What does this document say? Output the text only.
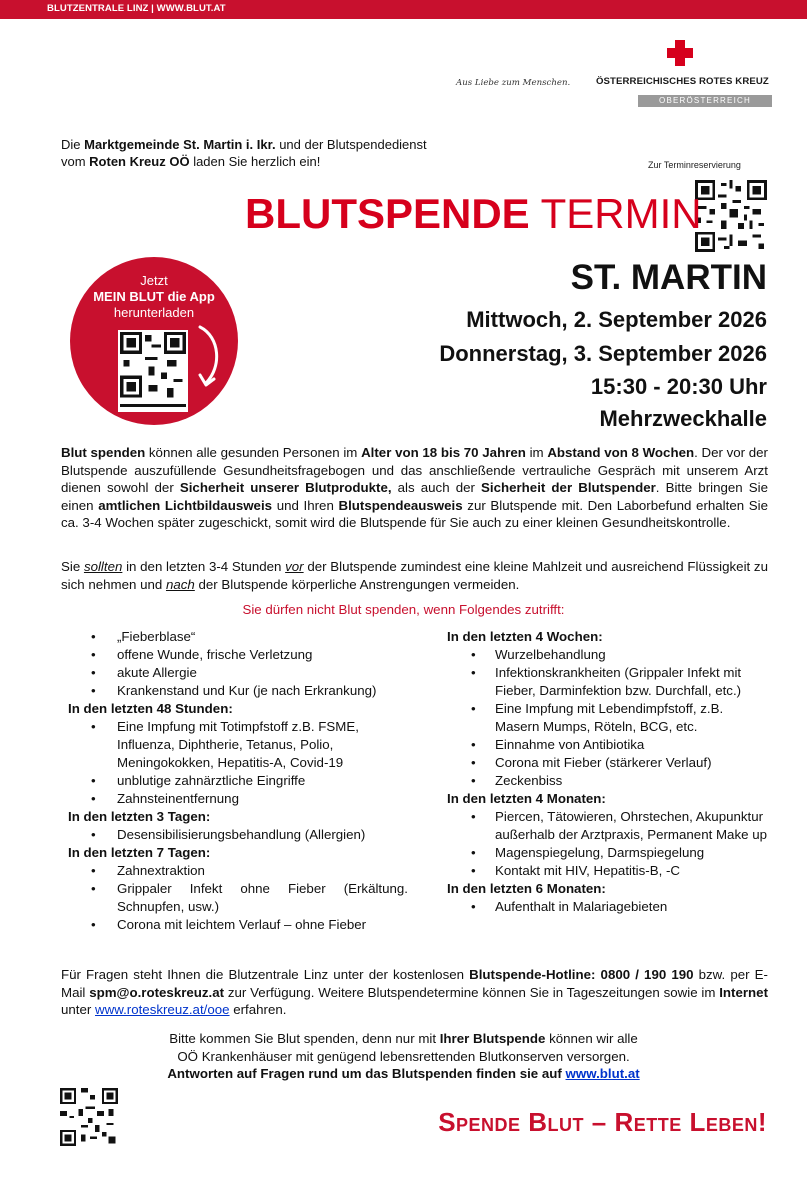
BLUTZENTRALE LINZ | WWW.BLUT.AT
Aus Liebe zum Menschen.	ÖSTERREICHISCHES ROTES KREUZ
OBERÖSTERREICH
Die Marktgemeinde St. Martin i. Ikr. und der Blutspendedienst
vom Roten Kreuz OÖ laden Sie herzlich ein!	Zur Terminreservierung
BLUTSPENDE TERMIN
Jetzt
MEIN BLUT die App
herunterladen
ST. MARTIN
Mittwoch, 2. September 2026
Donnerstag, 3. September 2026
15:30 - 20:30 Uhr
Mehrzweckhalle
Blut spenden können alle gesunden Personen im Alter von 18 bis 70 Jahren im Abstand von 8 Wochen. Der vor der Blutspende auszufüllende Gesundheitsfragebogen und das anschließende vertrauliche Gespräch mit unserem Arzt dienen sowohl der Sicherheit unserer Blutprodukte, als auch der Sicherheit der Blutspender. Bitte bringen Sie einen amtlichen Lichtbildausweis und Ihren Blutspendeausweis zur Blutspende mit. Den Laborbefund erhalten Sie ca. 3-4 Wochen später zugeschickt, somit wird die Blutspende für Sie auch zu einer kleinen Gesundheitskontrolle.
Sie sollten in den letzten 3-4 Stunden vor der Blutspende zumindest eine kleine Mahlzeit und ausreichend Flüssigkeit zu sich nehmen und nach der Blutspende körperliche Anstrengungen vermeiden.
Sie dürfen nicht Blut spenden, wenn Folgendes zutrifft:
• „Fieberblase“
• offene Wunde, frische Verletzung
• akute Allergie
• Krankenstand und Kur (je nach Erkrankung)
In den letzten 48 Stunden:
• Eine Impfung mit Totimpfstoff z.B. FSME, Influenza, Diphtherie, Tetanus, Polio, Meningokokken, Hepatitis-A, Covid-19
• unblutige zahnärztliche Eingriffe
• Zahnsteinentfernung
In den letzten 3 Tagen:
• Desensibilisierungsbehandlung (Allergien)
In den letzten 7 Tagen:
• Zahnextraktion
• Grippaler Infekt ohne Fieber (Erkältung. Schnupfen, usw.)
• Corona mit leichtem Verlauf – ohne Fieber
In den letzten 4 Wochen:
• Wurzelbehandlung
• Infektionskrankheiten (Grippaler Infekt mit Fieber, Darminfektion bzw. Durchfall, etc.)
• Eine Impfung mit Lebendimpfstoff, z.B. Masern Mumps, Röteln, BCG, etc.
• Einnahme von Antibiotika
• Corona mit Fieber (stärkerer Verlauf)
• Zeckenbiss
In den letzten 4 Monaten:
• Piercen, Tätowieren, Ohrstechen, Akupunktur außerhalb der Arztpraxis, Permanent Make up
• Magenspiegelung, Darmspiegelung
• Kontakt mit HIV, Hepatitis-B, -C
In den letzten 6 Monaten:
• Aufenthalt in Malariagebieten
Für Fragen steht Ihnen die Blutzentrale Linz unter der kostenlosen Blutspende-Hotline: 0800 / 190 190 bzw. per E-Mail spm@o.roteskreuz.at zur Verfügung. Weitere Blutspendetermine können Sie in Tageszeitungen sowie im Internet unter www.roteskreuz.at/ooe erfahren.
Bitte kommen Sie Blut spenden, denn nur mit Ihrer Blutspende können wir alle
OÖ Krankenhäuser mit genügend lebensrettenden Blutkonserven versorgen.
Antworten auf Fragen rund um das Blutspenden finden sie auf www.blut.at
Spende Blut – Rette Leben!
